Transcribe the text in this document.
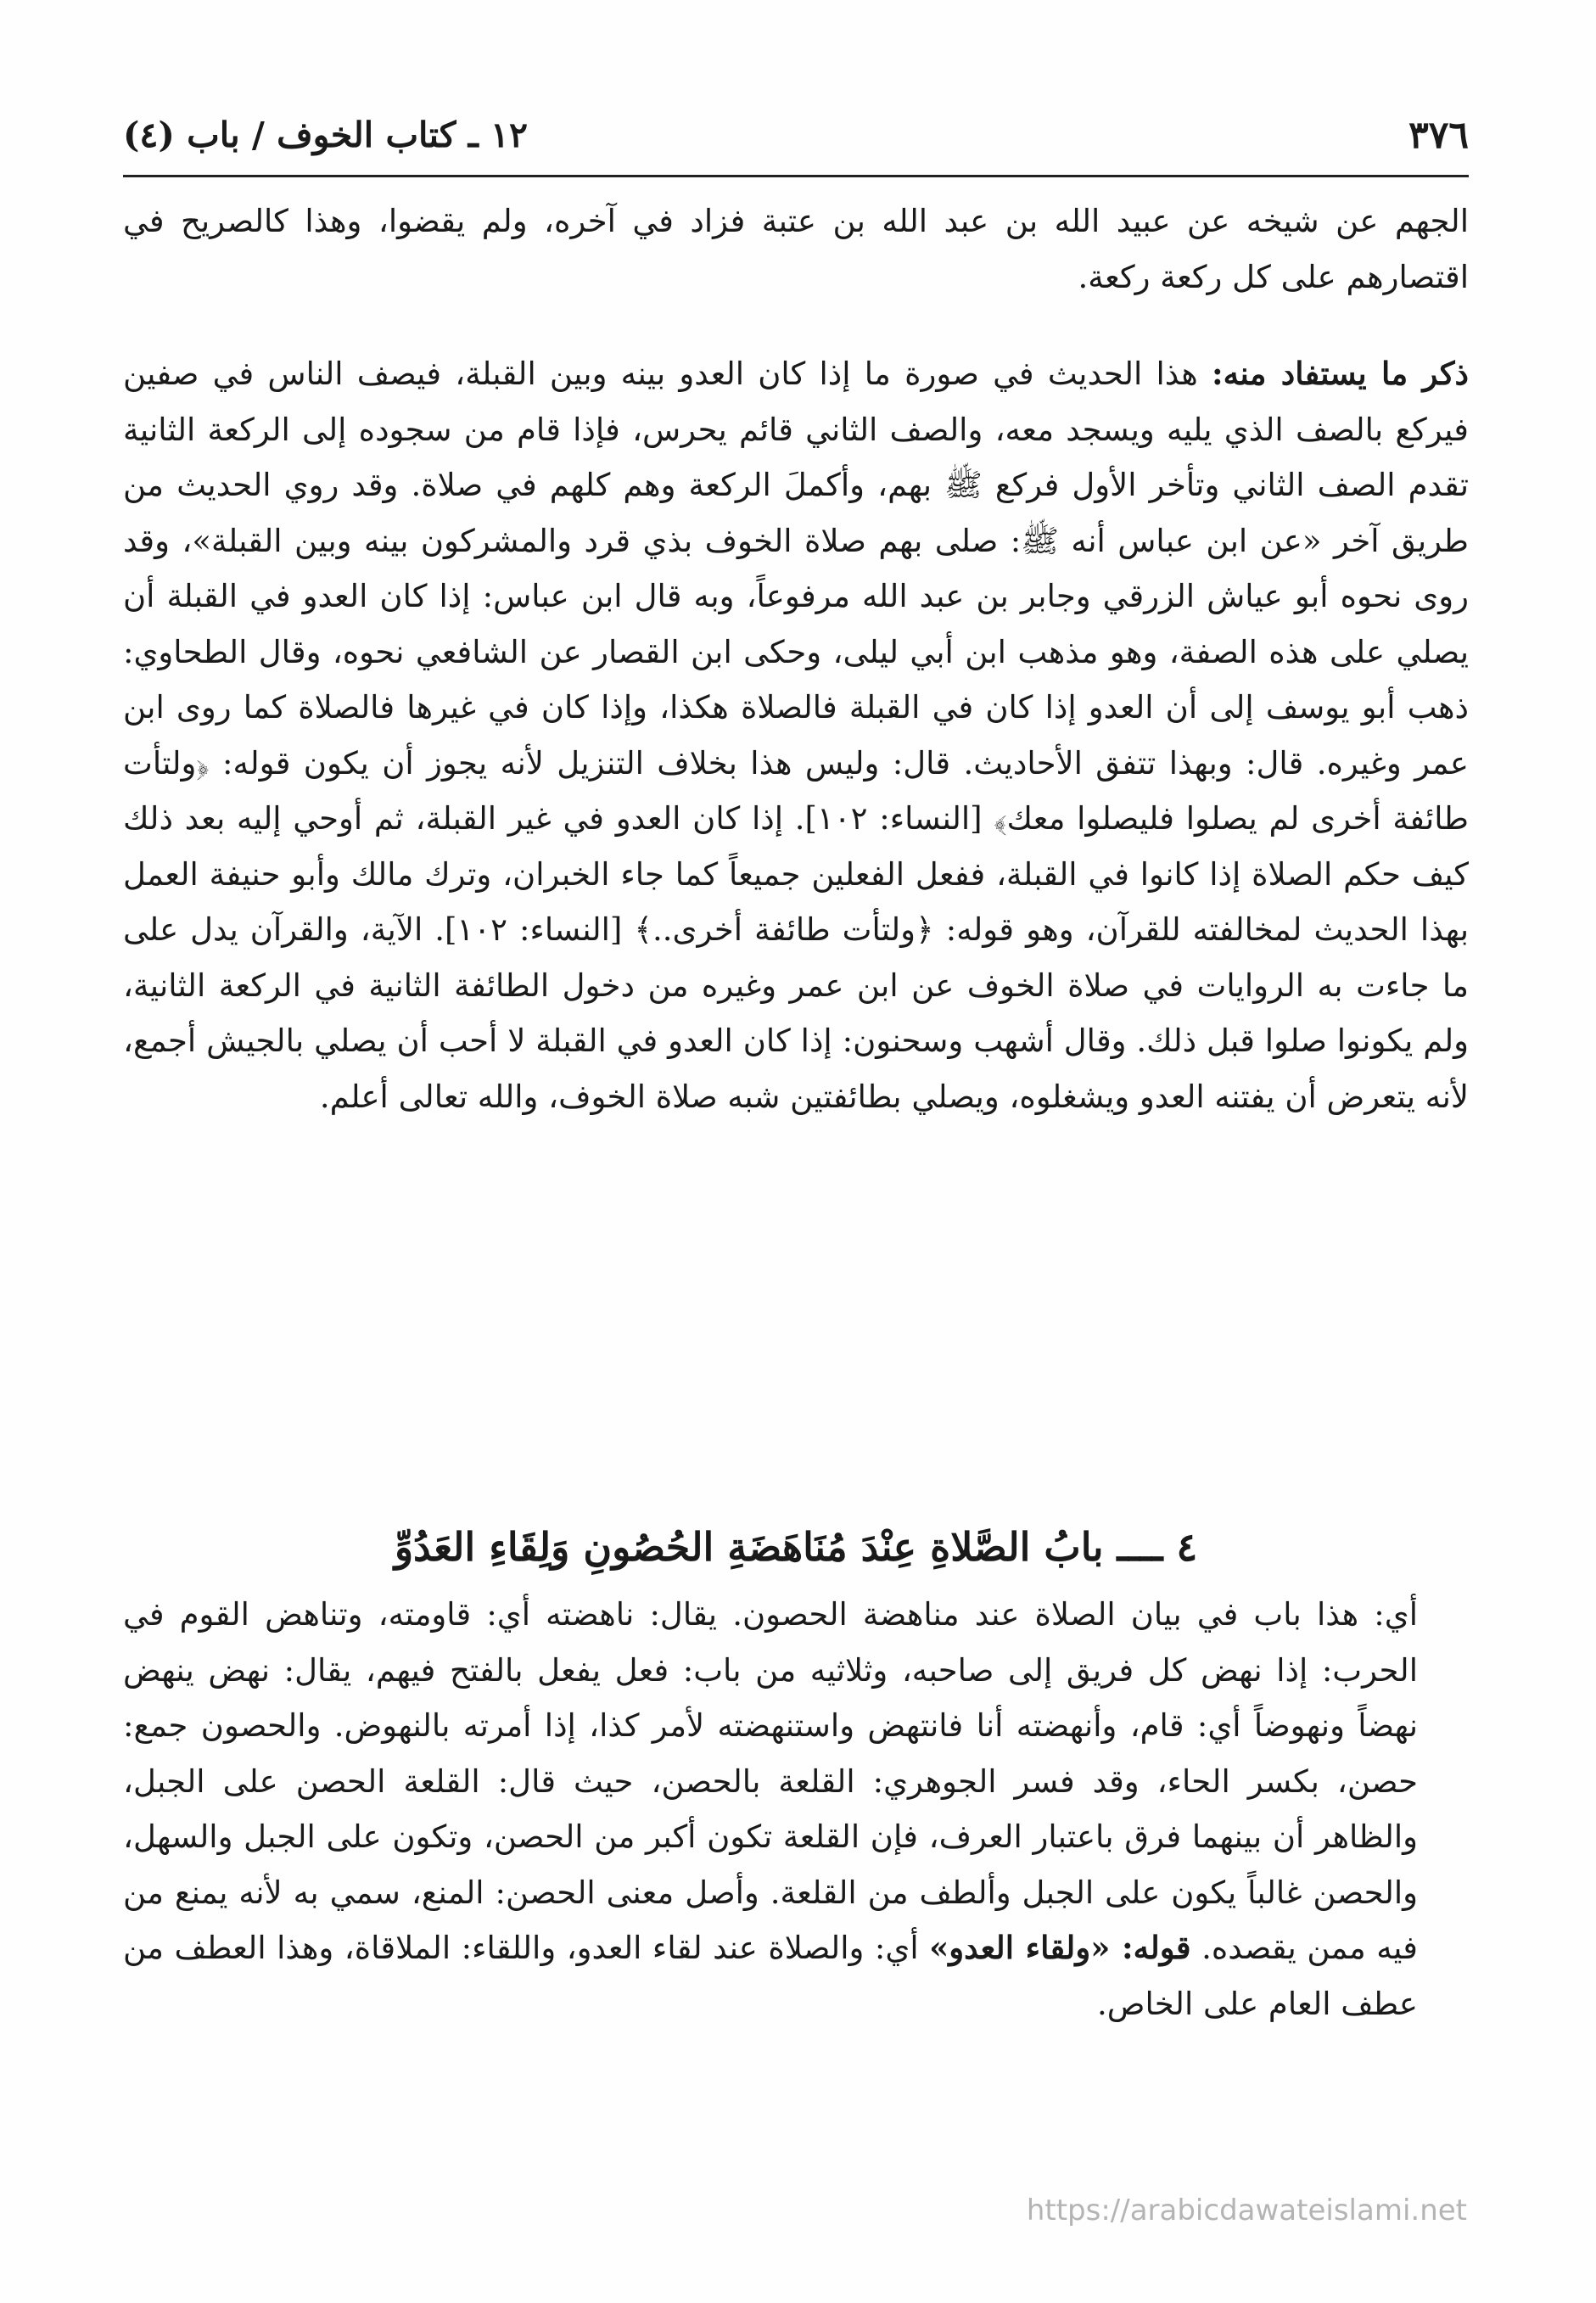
٣٧٦
١٢ ـ كتاب الخوف / باب (٤)

الجهم عن شيخه عن عبيد الله بن عبد الله بن عتبة فزاد في آخره، ولم يقضوا، وهذا كالصريح في اقتصارهم على كل ركعة ركعة.

ذكر ما يستفاد منه: هذا الحديث في صورة ما إذا كان العدو بينه وبين القبلة، فيصف الناس في صفين فيركع بالصف الذي يليه ويسجد معه، والصف الثاني قائم يحرس، فإذا قام من سجوده إلى الركعة الثانية تقدم الصف الثاني وتأخر الأول فركع ﷺ بهم، وأكملَ الركعة وهم كلهم في صلاة. وقد روي الحديث من طريق آخر «عن ابن عباس أنه ﷺ: صلى بهم صلاة الخوف بذي قرد والمشركون بينه وبين القبلة»، وقد روى نحوه أبو عياش الزرقي وجابر بن عبد الله مرفوعاً، وبه قال ابن عباس: إذا كان العدو في القبلة أن يصلي على هذه الصفة، وهو مذهب ابن أبي ليلى، وحكى ابن القصار عن الشافعي نحوه، وقال الطحاوي: ذهب أبو يوسف إلى أن العدو إذا كان في القبلة فالصلاة هكذا، وإذا كان في غيرها فالصلاة كما روى ابن عمر وغيره. قال: وبهذا تتفق الأحاديث. قال: وليس هذا بخلاف التنزيل لأنه يجوز أن يكون قوله: ﴿ولتأت طائفة أخرى لم يصلوا فليصلوا معك﴾ [النساء: ١٠٢]. إذا كان العدو في غير القبلة، ثم أوحي إليه بعد ذلك كيف حكم الصلاة إذا كانوا في القبلة، ففعل الفعلين جميعاً كما جاء الخبران، وترك مالك وأبو حنيفة العمل بهذا الحديث لمخالفته للقرآن، وهو قوله: ﴿ولتأت طائفة أخرى..﴾ [النساء: ١٠٢]. الآية، والقرآن يدل على ما جاءت به الروايات في صلاة الخوف عن ابن عمر وغيره من دخول الطائفة الثانية في الركعة الثانية، ولم يكونوا صلوا قبل ذلك. وقال أشهب وسحنون: إذا كان العدو في القبلة لا أحب أن يصلي بالجيش أجمع، لأنه يتعرض أن يفتنه العدو ويشغلوه، ويصلي بطائفتين شبه صلاة الخوف، والله تعالى أعلم.

٤ ــــ بابُ الصَّلاةِ عِنْدَ مُنَاهَضَةِ الحُصُونِ وَلِقَاءِ العَدُوِّ

أي: هذا باب في بيان الصلاة عند مناهضة الحصون. يقال: ناهضته أي: قاومته، وتناهض القوم في الحرب: إذا نهض كل فريق إلى صاحبه، وثلاثيه من باب: فعل يفعل بالفتح فيهم، يقال: نهض ينهض نهضاً ونهوضاً أي: قام، وأنهضته أنا فانتهض واستنهضته لأمر كذا، إذا أمرته بالنهوض. والحصون جمع: حصن، بكسر الحاء، وقد فسر الجوهري: القلعة بالحصن، حيث قال: القلعة الحصن على الجبل، والظاهر أن بينهما فرق باعتبار العرف، فإن القلعة تكون أكبر من الحصن، وتكون على الجبل والسهل، والحصن غالباً يكون على الجبل وألطف من القلعة. وأصل معنى الحصن: المنع، سمي به لأنه يمنع من فيه ممن يقصده. قوله: «ولقاء العدو» أي: والصلاة عند لقاء العدو، واللقاء: الملاقاة، وهذا العطف من عطف العام على الخاص.

https://arabicdawateislami.net
